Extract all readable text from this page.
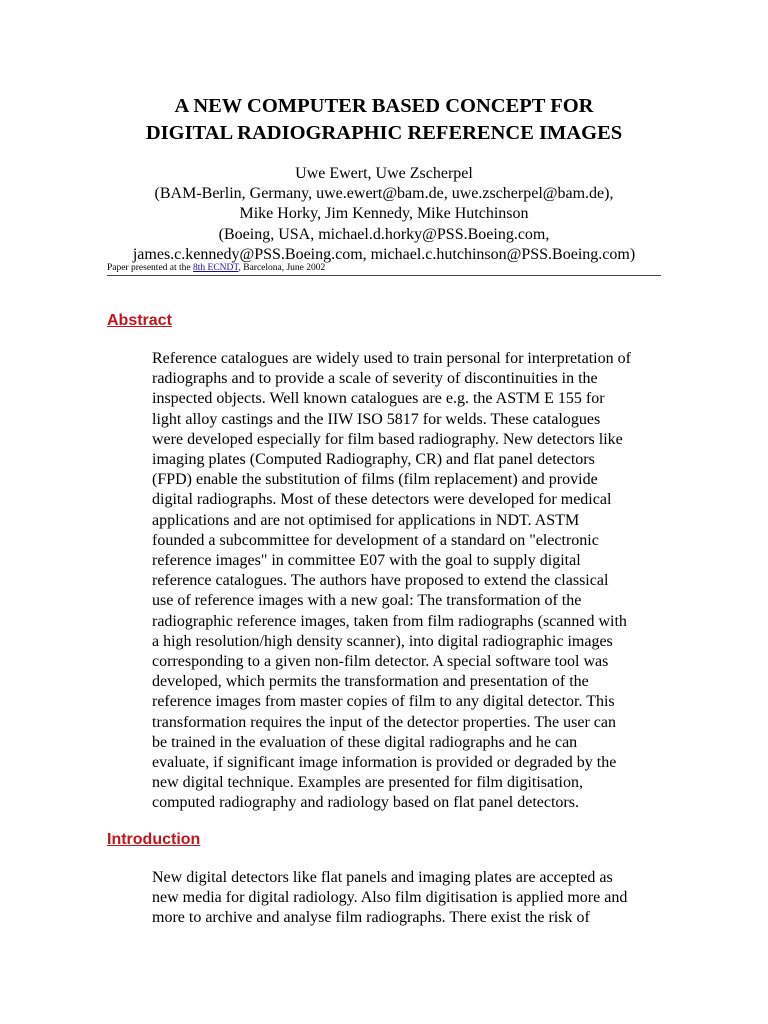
A NEW COMPUTER BASED CONCEPT FOR
DIGITAL RADIOGRAPHIC REFERENCE IMAGES
Uwe Ewert, Uwe Zscherpel
(BAM-Berlin, Germany, uwe.ewert@bam.de, uwe.zscherpel@bam.de),
Mike Horky, Jim Kennedy, Mike Hutchinson
(Boeing, USA, michael.d.horky@PSS.Boeing.com,
james.c.kennedy@PSS.Boeing.com, michael.c.hutchinson@PSS.Boeing.com)
Paper presented at the 8th ECNDT, Barcelona, June 2002
Abstract
Reference catalogues are widely used to train personal for interpretation of
radiographs and to provide a scale of severity of discontinuities in the
inspected objects. Well known catalogues are e.g. the ASTM E 155 for
light alloy castings and the IIW ISO 5817 for welds. These catalogues
were developed especially for film based radiography. New detectors like
imaging plates (Computed Radiography, CR) and flat panel detectors
(FPD) enable the substitution of films (film replacement) and provide
digital radiographs. Most of these detectors were developed for medical
applications and are not optimised for applications in NDT. ASTM
founded a subcommittee for development of a standard on "electronic
reference images" in committee E07 with the goal to supply digital
reference catalogues. The authors have proposed to extend the classical
use of reference images with a new goal: The transformation of the
radiographic reference images, taken from film radiographs (scanned with
a high resolution/high density scanner), into digital radiographic images
corresponding to a given non-film detector. A special software tool was
developed, which permits the transformation and presentation of the
reference images from master copies of film to any digital detector. This
transformation requires the input of the detector properties. The user can
be trained in the evaluation of these digital radiographs and he can
evaluate, if significant image information is provided or degraded by the
new digital technique. Examples are presented for film digitisation,
computed radiography and radiology based on flat panel detectors.
Introduction
New digital detectors like flat panels and imaging plates are accepted as
new media for digital radiology. Also film digitisation is applied more and
more to archive and analyse film radiographs. There exist the risk of
